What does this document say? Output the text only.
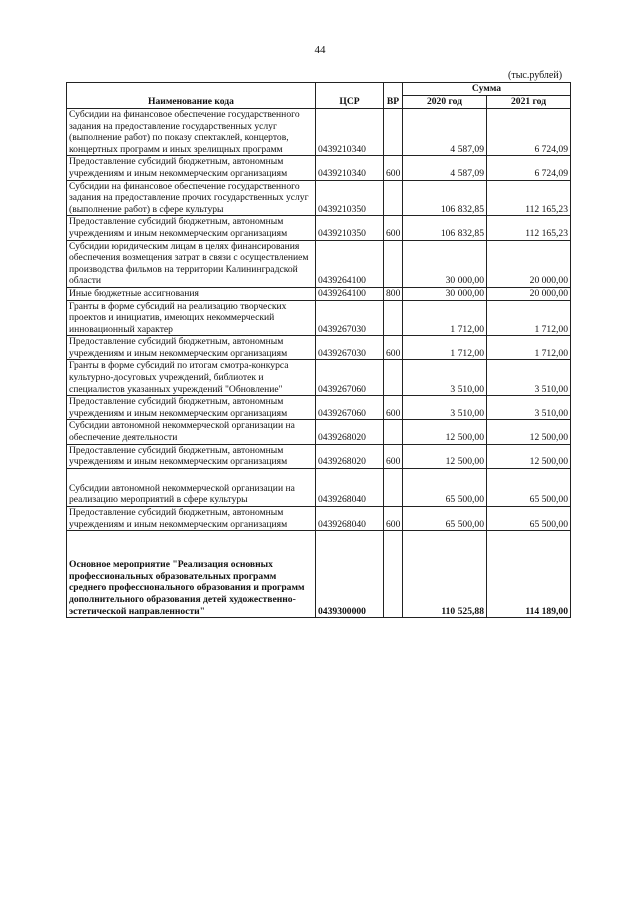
44
(тыс.рублей)
Наименование кода	ЦСР	ВР	Сумма	
			2020 год	2021 год
Субсидии на финансовое обеспечение государственного задания на предоставление государственных услуг (выполнение работ) по показу спектаклей, концертов, концертных программ и иных зрелищных программ	0439210340		4 587,09	6 724,09
Предоставление субсидий бюджетным, автономным учреждениям и иным некоммерческим организациям	0439210340	600	4 587,09	6 724,09
Субсидии на финансовое обеспечение государственного задания на предоставление прочих государственных услуг (выполнение работ) в сфере культуры	0439210350		106 832,85	112 165,23
Предоставление субсидий бюджетным, автономным учреждениям и иным некоммерческим организациям	0439210350	600	106 832,85	112 165,23
Субсидии юридическим лицам в целях финансирования обеспечения возмещения затрат в связи с осуществлением производства фильмов на территории Калининградской области	0439264100		30 000,00	20 000,00
Иные бюджетные ассигнования	0439264100	800	30 000,00	20 000,00
Гранты в форме субсидий на реализацию творческих проектов и инициатив, имеющих некоммерческий инновационный характер	0439267030		1 712,00	1 712,00
Предоставление субсидий бюджетным, автономным учреждениям и иным некоммерческим организациям	0439267030	600	1 712,00	1 712,00
Гранты в форме субсидий по итогам смотра-конкурса культурно-досуговых учреждений, библиотек и специалистов указанных учреждений "Обновление"	0439267060		3 510,00	3 510,00
Предоставление субсидий бюджетным, автономным учреждениям и иным некоммерческим организациям	0439267060	600	3 510,00	3 510,00
Субсидии автономной некоммерческой организации на обеспечение деятельности	0439268020		12 500,00	12 500,00
Предоставление субсидий бюджетным, автономным учреждениям и иным некоммерческим организациям	0439268020	600	12 500,00	12 500,00
Субсидии автономной некоммерческой организации на реализацию мероприятий в сфере культуры	0439268040		65 500,00	65 500,00
Предоставление субсидий бюджетным, автономным учреждениям и иным некоммерческим организациям	0439268040	600	65 500,00	65 500,00
Основное мероприятие "Реализация основных профессиональных образовательных программ среднего профессионального образования и программ дополнительного образования детей художественно-эстетической направленности"	0439300000		110 525,88	114 189,00
